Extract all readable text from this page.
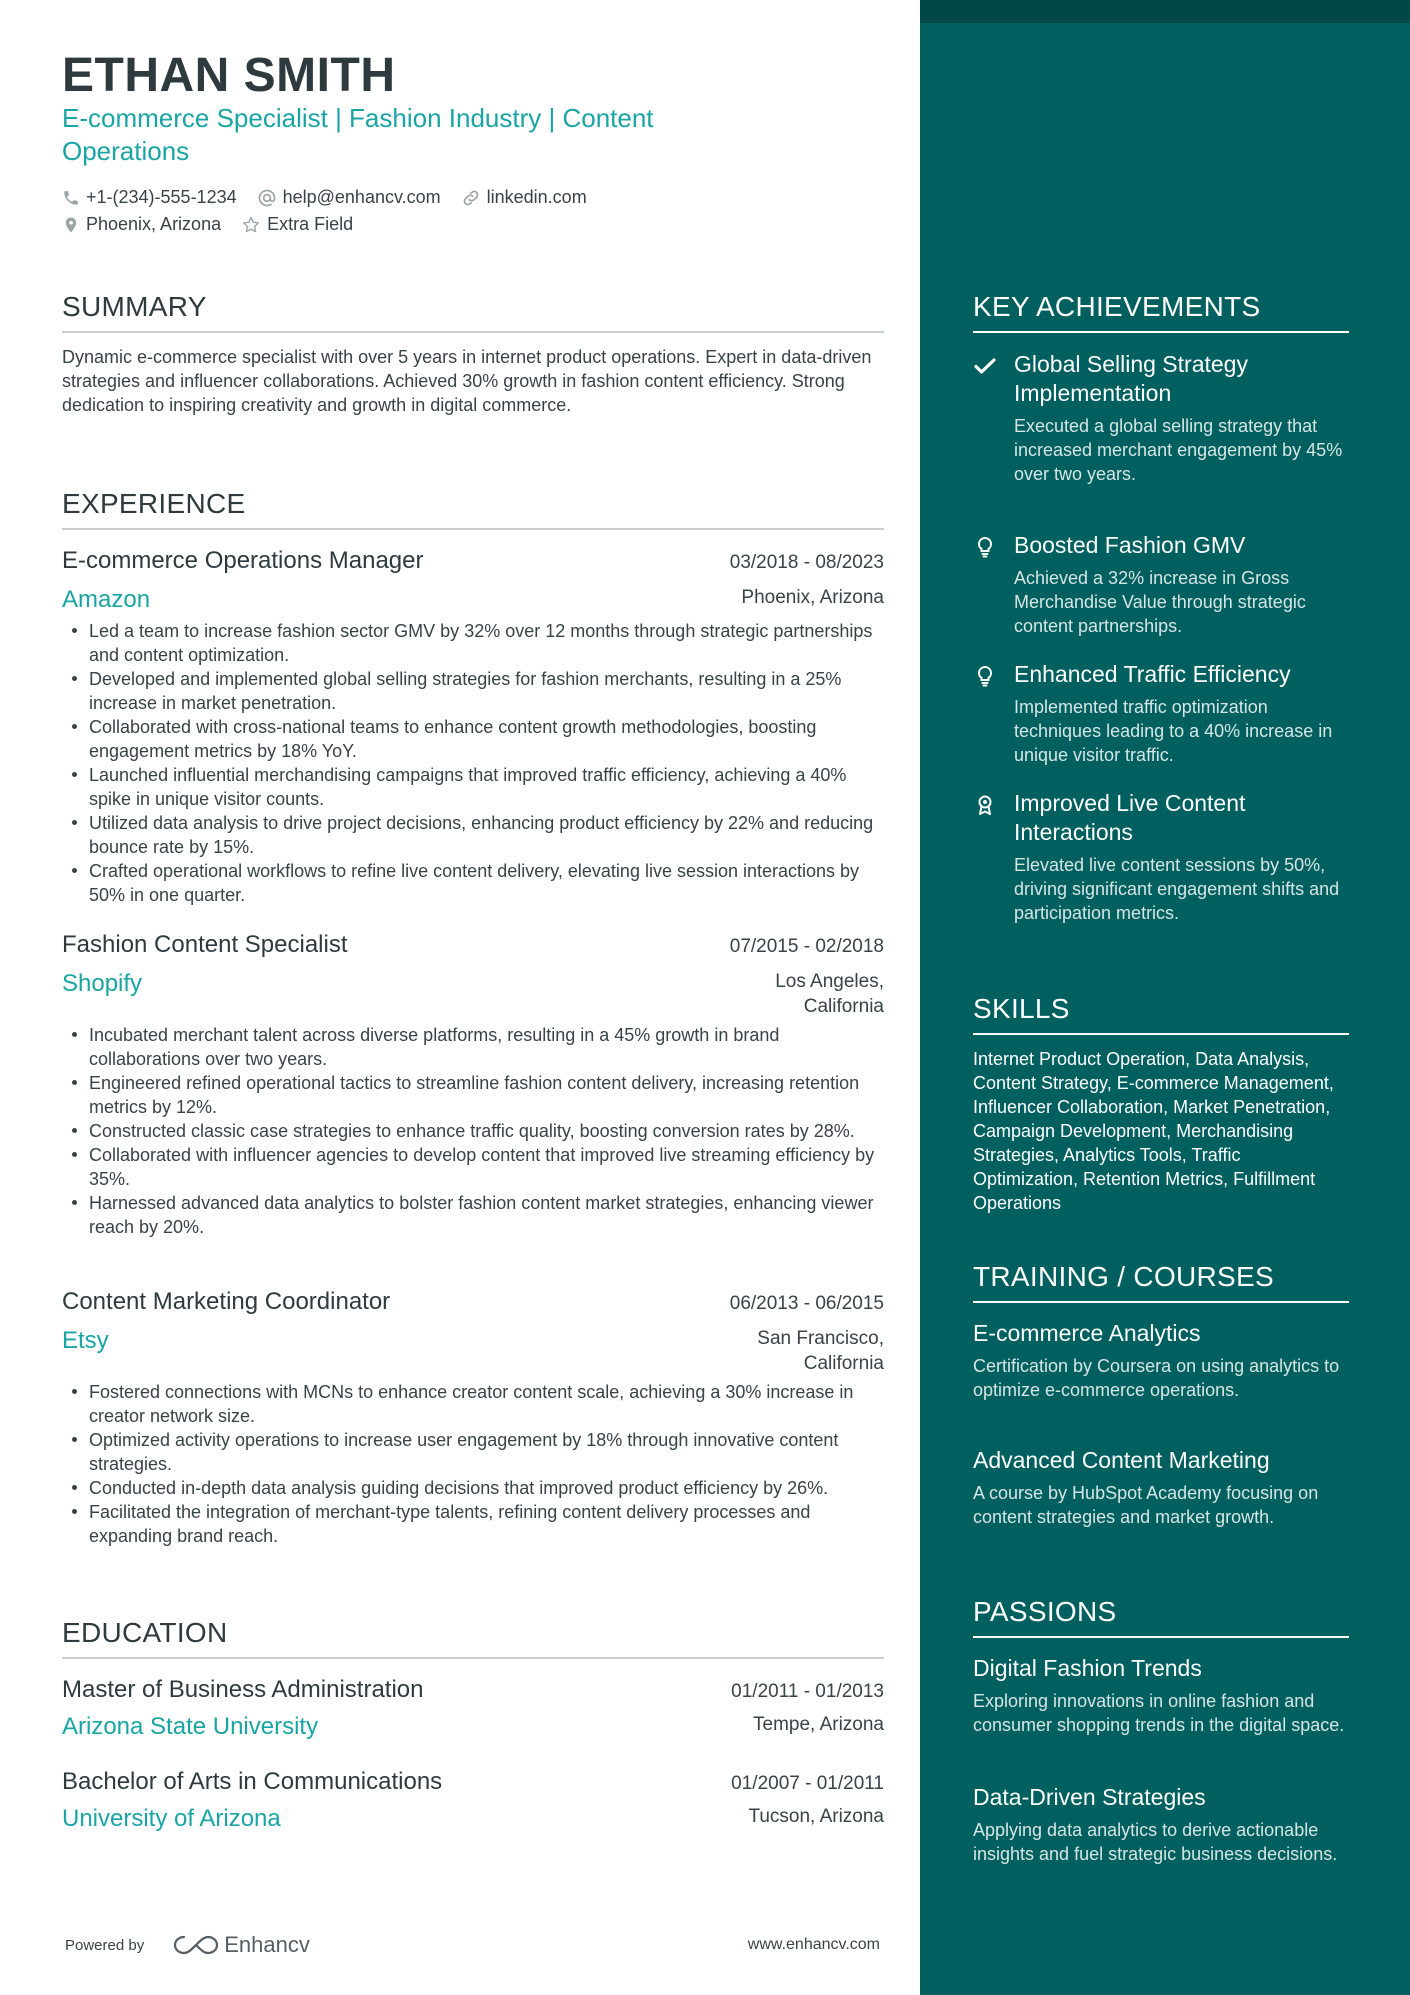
ETHAN SMITH
E-commerce Specialist | Fashion Industry | Content Operations
+1-(234)-555-1234	help@enhancv.com	linkedin.com
Phoenix, Arizona	Extra Field
SUMMARY
Dynamic e-commerce specialist with over 5 years in internet product operations. Expert in data-driven strategies and influencer collaborations. Achieved 30% growth in fashion content efficiency. Strong dedication to inspiring creativity and growth in digital commerce.
EXPERIENCE
E-commerce Operations Manager	03/2018 - 08/2023
Amazon	Phoenix, Arizona
Led a team to increase fashion sector GMV by 32% over 12 months through strategic partnerships and content optimization.
Developed and implemented global selling strategies for fashion merchants, resulting in a 25% increase in market penetration.
Collaborated with cross-national teams to enhance content growth methodologies, boosting engagement metrics by 18% YoY.
Launched influential merchandising campaigns that improved traffic efficiency, achieving a 40% spike in unique visitor counts.
Utilized data analysis to drive project decisions, enhancing product efficiency by 22% and reducing bounce rate by 15%.
Crafted operational workflows to refine live content delivery, elevating live session interactions by 50% in one quarter.
Fashion Content Specialist	07/2015 - 02/2018
Shopify	Los Angeles, California
Incubated merchant talent across diverse platforms, resulting in a 45% growth in brand collaborations over two years.
Engineered refined operational tactics to streamline fashion content delivery, increasing retention metrics by 12%.
Constructed classic case strategies to enhance traffic quality, boosting conversion rates by 28%.
Collaborated with influencer agencies to develop content that improved live streaming efficiency by 35%.
Harnessed advanced data analytics to bolster fashion content market strategies, enhancing viewer reach by 20%.
Content Marketing Coordinator	06/2013 - 06/2015
Etsy	San Francisco, California
Fostered connections with MCNs to enhance creator content scale, achieving a 30% increase in creator network size.
Optimized activity operations to increase user engagement by 18% through innovative content strategies.
Conducted in-depth data analysis guiding decisions that improved product efficiency by 26%.
Facilitated the integration of merchant-type talents, refining content delivery processes and expanding brand reach.
EDUCATION
Master of Business Administration	01/2011 - 01/2013
Arizona State University	Tempe, Arizona
Bachelor of Arts in Communications	01/2007 - 01/2011
University of Arizona	Tucson, Arizona
Powered by	Enhancv	www.enhancv.com
KEY ACHIEVEMENTS
Global Selling Strategy Implementation
Executed a global selling strategy that increased merchant engagement by 45% over two years.
Boosted Fashion GMV
Achieved a 32% increase in Gross Merchandise Value through strategic content partnerships.
Enhanced Traffic Efficiency
Implemented traffic optimization techniques leading to a 40% increase in unique visitor traffic.
Improved Live Content Interactions
Elevated live content sessions by 50%, driving significant engagement shifts and participation metrics.
SKILLS
Internet Product Operation, Data Analysis, Content Strategy, E-commerce Management, Influencer Collaboration, Market Penetration, Campaign Development, Merchandising Strategies, Analytics Tools, Traffic Optimization, Retention Metrics, Fulfillment Operations
TRAINING / COURSES
E-commerce Analytics
Certification by Coursera on using analytics to optimize e-commerce operations.
Advanced Content Marketing
A course by HubSpot Academy focusing on content strategies and market growth.
PASSIONS
Digital Fashion Trends
Exploring innovations in online fashion and consumer shopping trends in the digital space.
Data-Driven Strategies
Applying data analytics to derive actionable insights and fuel strategic business decisions.
